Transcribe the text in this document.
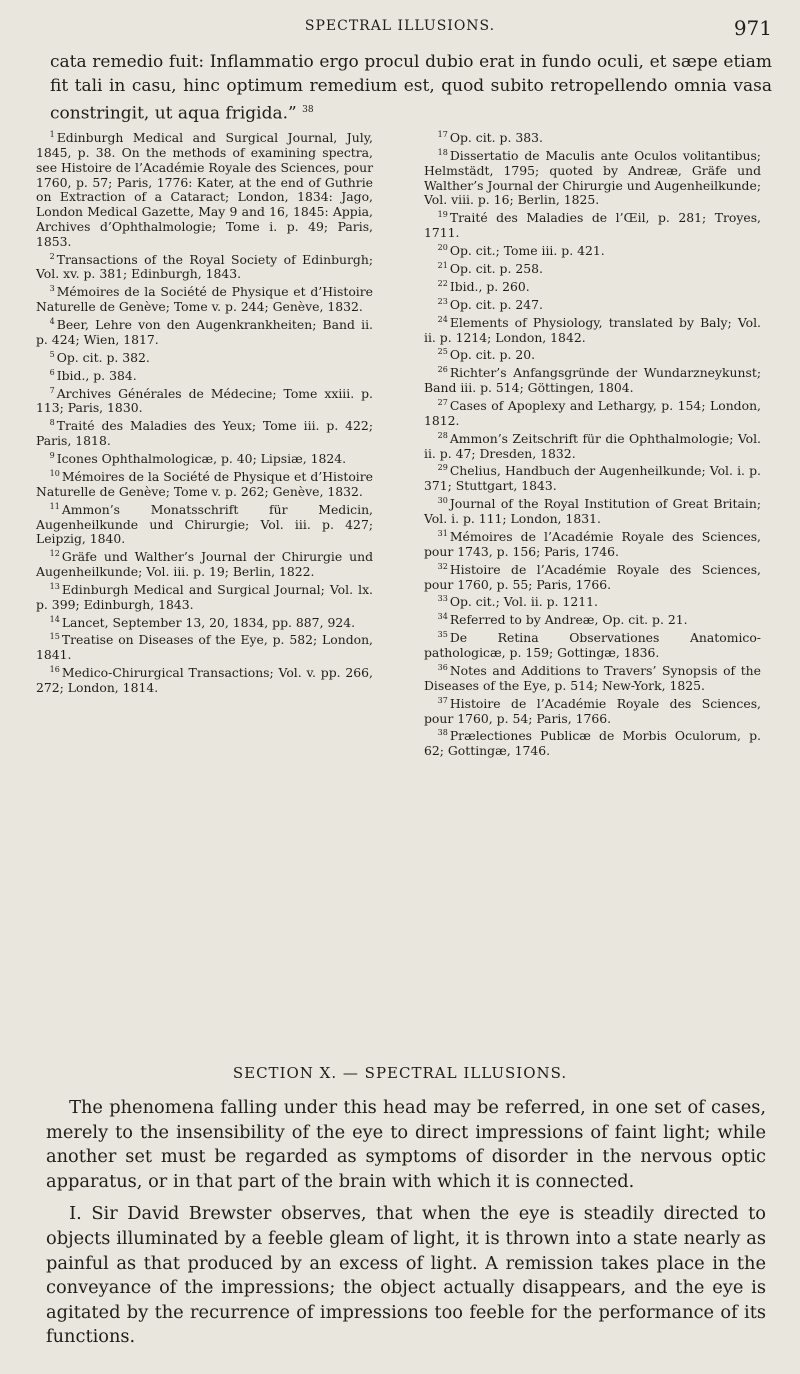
SPECTRAL ILLUSIONS.	971
cata remedio fuit: Inflammatio ergo procul dubio erat in fundo oculi, et sæpe etiam fit tali in casu, hinc optimum remedium est, quod subito retropellendo omnia vasa constringit, ut aqua frigida.” $^{38}$

$^1$ Edinburgh Medical and Surgical Journal, July, 1845, p. 38. On the methods of examining spectra, see Histoire de l’Académie Royale des Sciences, pour 1760, p. 57; Paris, 1776: Kater, at the end of Guthrie on Extraction of a Cataract; London, 1834: Jago, London Medical Gazette, May 9 and 16, 1845: Appia, Archives d’Ophthalmologie; Tome i. p. 49; Paris, 1853.

$^2$ Transactions of the Royal Society of Edinburgh; Vol. xv. p. 381; Edinburgh, 1843.

$^3$ Mémoires de la Société de Physique et d’Histoire Naturelle de Genève; Tome v. p. 244; Genève, 1832.

$^4$ Beer, Lehre von den Augenkrankheiten; Band ii. p. 424; Wien, 1817.

$^5$ Op. cit. p. 382.

$^6$ Ibid., p. 384.

$^7$ Archives Générales de Médecine; Tome xxiii. p. 113; Paris, 1830.

$^8$ Traité des Maladies des Yeux; Tome iii. p. 422; Paris, 1818.

$^9$ Icones Ophthalmologicæ, p. 40; Lipsiæ, 1824.

$^{10}$ Mémoires de la Société de Physique et d’Histoire Naturelle de Genève; Tome v. p. 262; Genève, 1832.

$^{11}$ Ammon’s Monatsschrift für Medicin, Augenheilkunde und Chirurgie; Vol. iii. p. 427; Leipzig, 1840.

$^{12}$ Gräfe und Walther’s Journal der Chirurgie und Augenheilkunde; Vol. iii. p. 19; Berlin, 1822.

$^{13}$ Edinburgh Medical and Surgical Journal; Vol. lx. p. 399; Edinburgh, 1843.

$^{14}$ Lancet, September 13, 20, 1834, pp. 887, 924.

$^{15}$ Treatise on Diseases of the Eye, p. 582; London, 1841.

$^{16}$ Medico-Chirurgical Transactions; Vol. v. pp. 266, 272; London, 1814.

$^{17}$ Op. cit. p. 383.

$^{18}$ Dissertatio de Maculis ante Oculos volitantibus; Helmstädt, 1795; quoted by Andreæ, Gräfe und Walther’s Journal der Chirurgie und Augenheilkunde; Vol. viii. p. 16; Berlin, 1825.

$^{19}$ Traité des Maladies de l’Œil, p. 281; Troyes, 1711.

$^{20}$ Op. cit.; Tome iii. p. 421.

$^{21}$ Op. cit. p. 258.

$^{22}$ Ibid., p. 260.

$^{23}$ Op. cit. p. 247.

$^{24}$ Elements of Physiology, translated by Baly; Vol. ii. p. 1214; London, 1842.

$^{25}$ Op. cit. p. 20.

$^{26}$ Richter’s Anfangsgründe der Wundarzneykunst; Band iii. p. 514; Göttingen, 1804.

$^{27}$ Cases of Apoplexy and Lethargy, p. 154; London, 1812.

$^{28}$ Ammon’s Zeitschrift für die Ophthalmologie; Vol. ii. p. 47; Dresden, 1832.

$^{29}$ Chelius, Handbuch der Augenheilkunde; Vol. i. p. 371; Stuttgart, 1843.

$^{30}$ Journal of the Royal Institution of Great Britain; Vol. i. p. 111; London, 1831.

$^{31}$ Mémoires de l’Académie Royale des Sciences, pour 1743, p. 156; Paris, 1746.

$^{32}$ Histoire de l’Académie Royale des Sciences, pour 1760, p. 55; Paris, 1766.

$^{33}$ Op. cit.; Vol. ii. p. 1211.

$^{34}$ Referred to by Andreæ, Op. cit. p. 21.

$^{35}$ De Retina Observationes Anatomico-pathologicæ, p. 159; Gottingæ, 1836.

$^{36}$ Notes and Additions to Travers’ Synopsis of the Diseases of the Eye, p. 514; New-York, 1825.

$^{37}$ Histoire de l’Académie Royale des Sciences, pour 1760, p. 54; Paris, 1766.

$^{38}$ Prælectiones Publicæ de Morbis Oculorum, p. 62; Gottingæ, 1746.

SECTION X. — SPECTRAL ILLUSIONS.

The phenomena falling under this head may be referred, in one set of cases, merely to the insensibility of the eye to direct impressions of faint light; while another set must be regarded as symptoms of disorder in the nervous optic apparatus, or in that part of the brain with which it is connected.

I. Sir David Brewster observes, that when the eye is steadily directed to objects illuminated by a feeble gleam of light, it is thrown into a state nearly as painful as that produced by an excess of light. A remission takes place in the conveyance of the impressions; the object actually disappears, and the eye is agitated by the recurrence of impressions too feeble for the performance of its functions.
